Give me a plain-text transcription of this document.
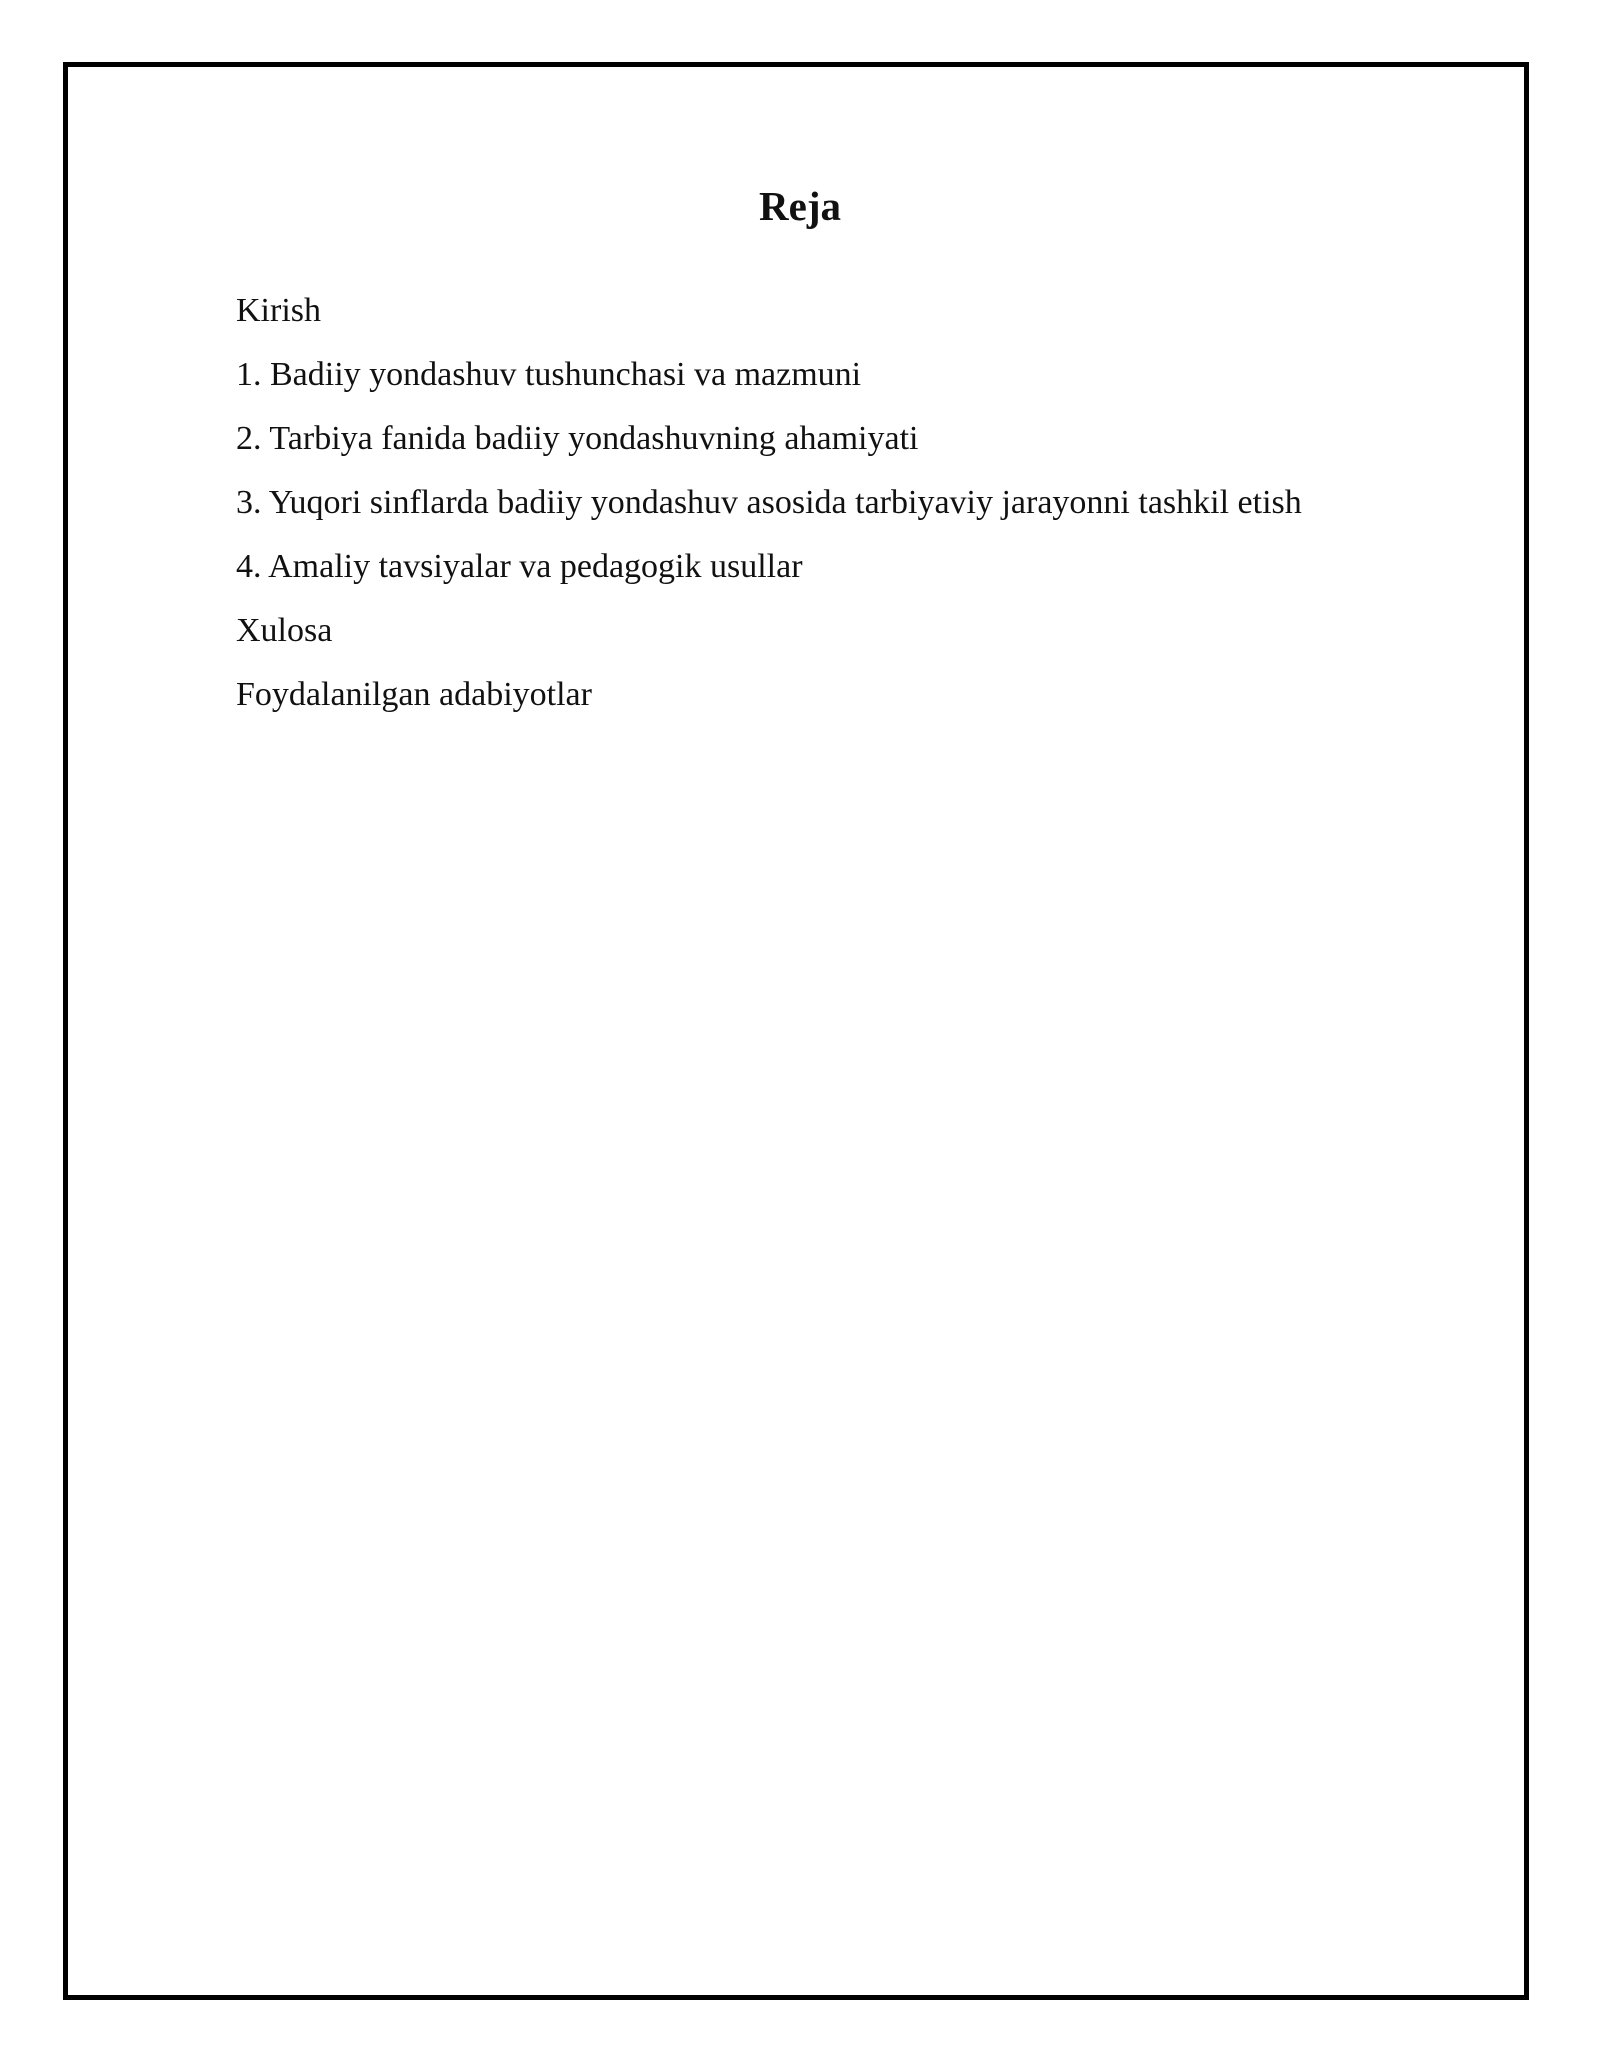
Reja
Kirish
1. Badiiy yondashuv tushunchasi va mazmuni
2. Tarbiya fanida badiiy yondashuvning ahamiyati
3. Yuqori sinflarda badiiy yondashuv asosida tarbiyaviy jarayonni tashkil etish
4. Amaliy tavsiyalar va pedagogik usullar
Xulosa
Foydalanilgan adabiyotlar
